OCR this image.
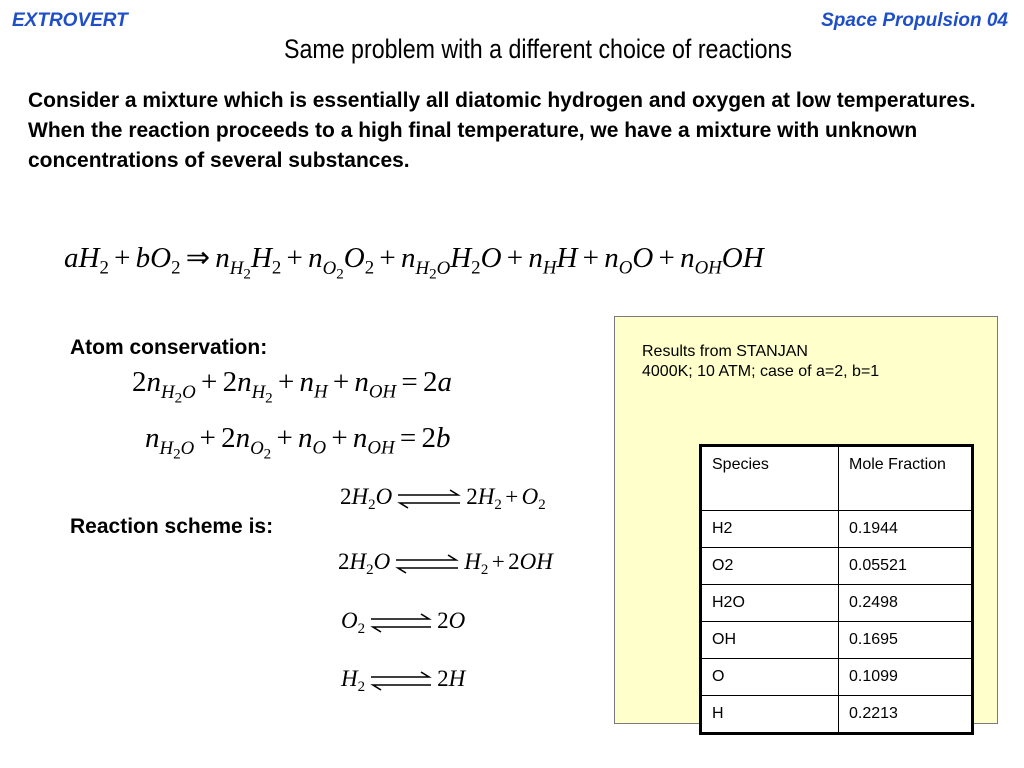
EXTROVERT	Space Propulsion 04
Same problem with a different choice of reactions
Consider a mixture which is essentially all diatomic hydrogen and oxygen at low temperatures. When the reaction proceeds to a high final temperature, we have a mixture with unknown concentrations of several substances.
$aH_2 + bO_2$ ⇒ $n_{H_2}H_2 + n_{O_2}O_2 + n_{H_2O}H_2O + n_HH + n_OO + n_{OH}OH$
Atom conservation:
$2n_{H_2O} + 2n_{H_2}+ n_H + n_{OH} = 2a$
$n_{H_2O} + 2n_{O_2}+ n_O + n_{OH} = 2b$
Reaction scheme is:
$2H_2O$ ⇌ $2H_2 + O_2$
$2H_2O$ ⇌ $H_2 + 2OH$
$O_2$ ⇌ 2O
$H_2$ ⇌ 2H
Results from STANJAN
4000K; 10 ATM; case of a=2, b=1
Species	Mole Fraction
H2	0.1944
O2	0.05521
H2O	0.2498
OH	0.1695
O	0.1099
H	0.2213
